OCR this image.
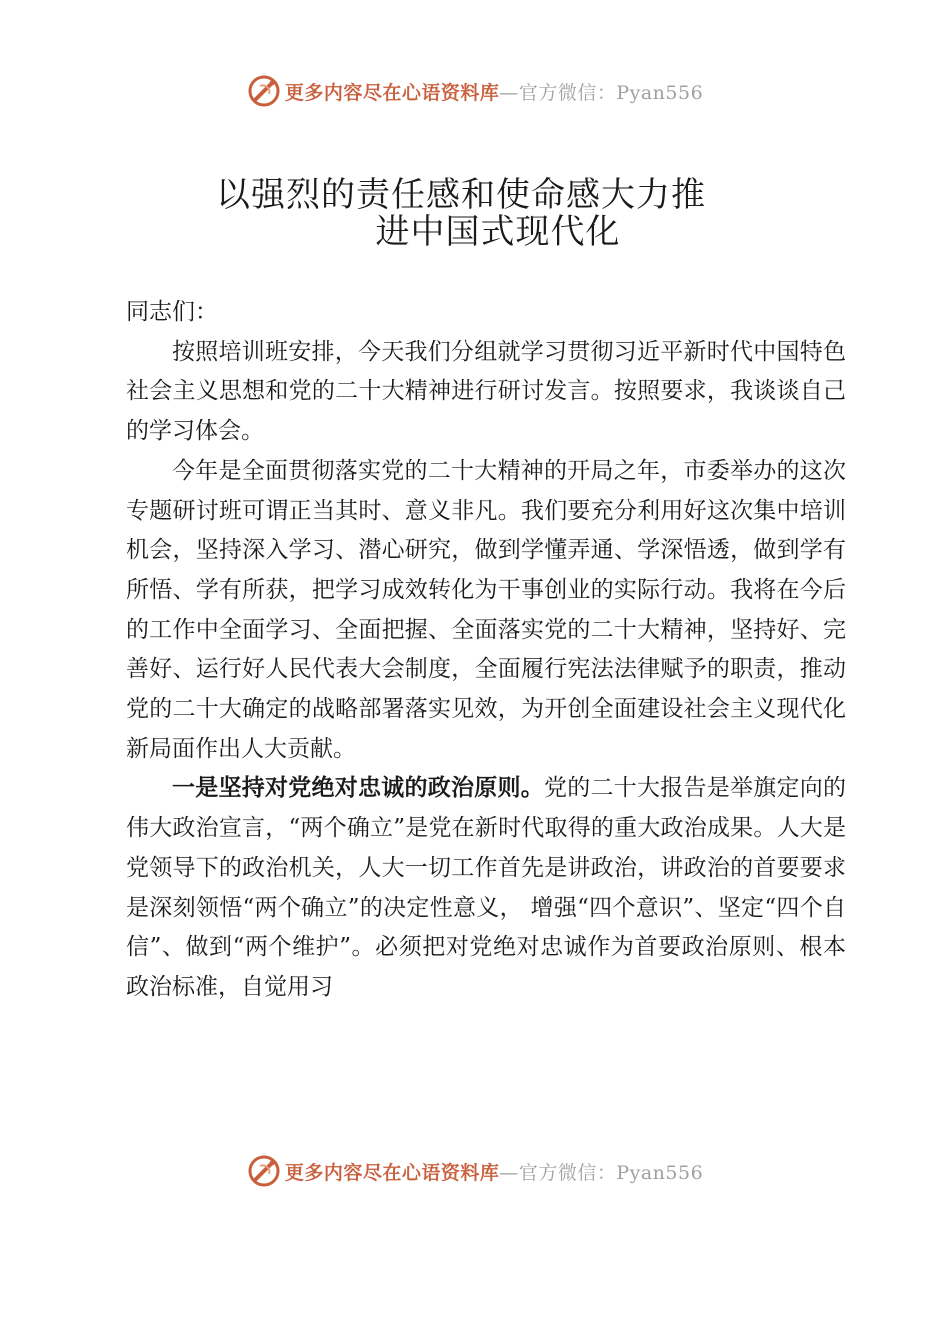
更多内容尽在心语资料库—官方微信：Pyan556
以强烈的责任感和使命感大力推
进中国式现代化

同志们：

按照培训班安排，今天我们分组就学习贯彻习近平新时代中国特色社会主义思想和党的二十大精神进行研讨发言。按照要求，我谈谈自己的学习体会。

今年是全面贯彻落实党的二十大精神的开局之年，市委举办的这次专题研讨班可谓正当其时、意义非凡。我们要充分利用好这次集中培训机会，坚持深入学习、潜心研究，做到学懂弄通、学深悟透，做到学有所悟、学有所获，把学习成效转化为干事创业的实际行动。我将在今后的工作中全面学习、全面把握、全面落实党的二十大精神，坚持好、完善好、运行好人民代表大会制度，全面履行宪法法律赋予的职责，推动党的二十大确定的战略部署落实见效，为开创全面建设社会主义现代化新局面作出人大贡献。

一是坚持对党绝对忠诚的政治原则。党的二十大报告是举旗定向的伟大政治宣言，“两个确立”是党在新时代取得的重大政治成果。人大是党领导下的政治机关，人大一切工作首先是讲政治，讲政治的首要要求是深刻领悟“两个确立”的决定性意义， 增强“四个意识”、坚定“四个自信”、做到“两个维护”。必须把对党绝对忠诚作为首要政治原则、根本政治标准，自觉用习

更多内容尽在心语资料库—官方微信：Pyan556
